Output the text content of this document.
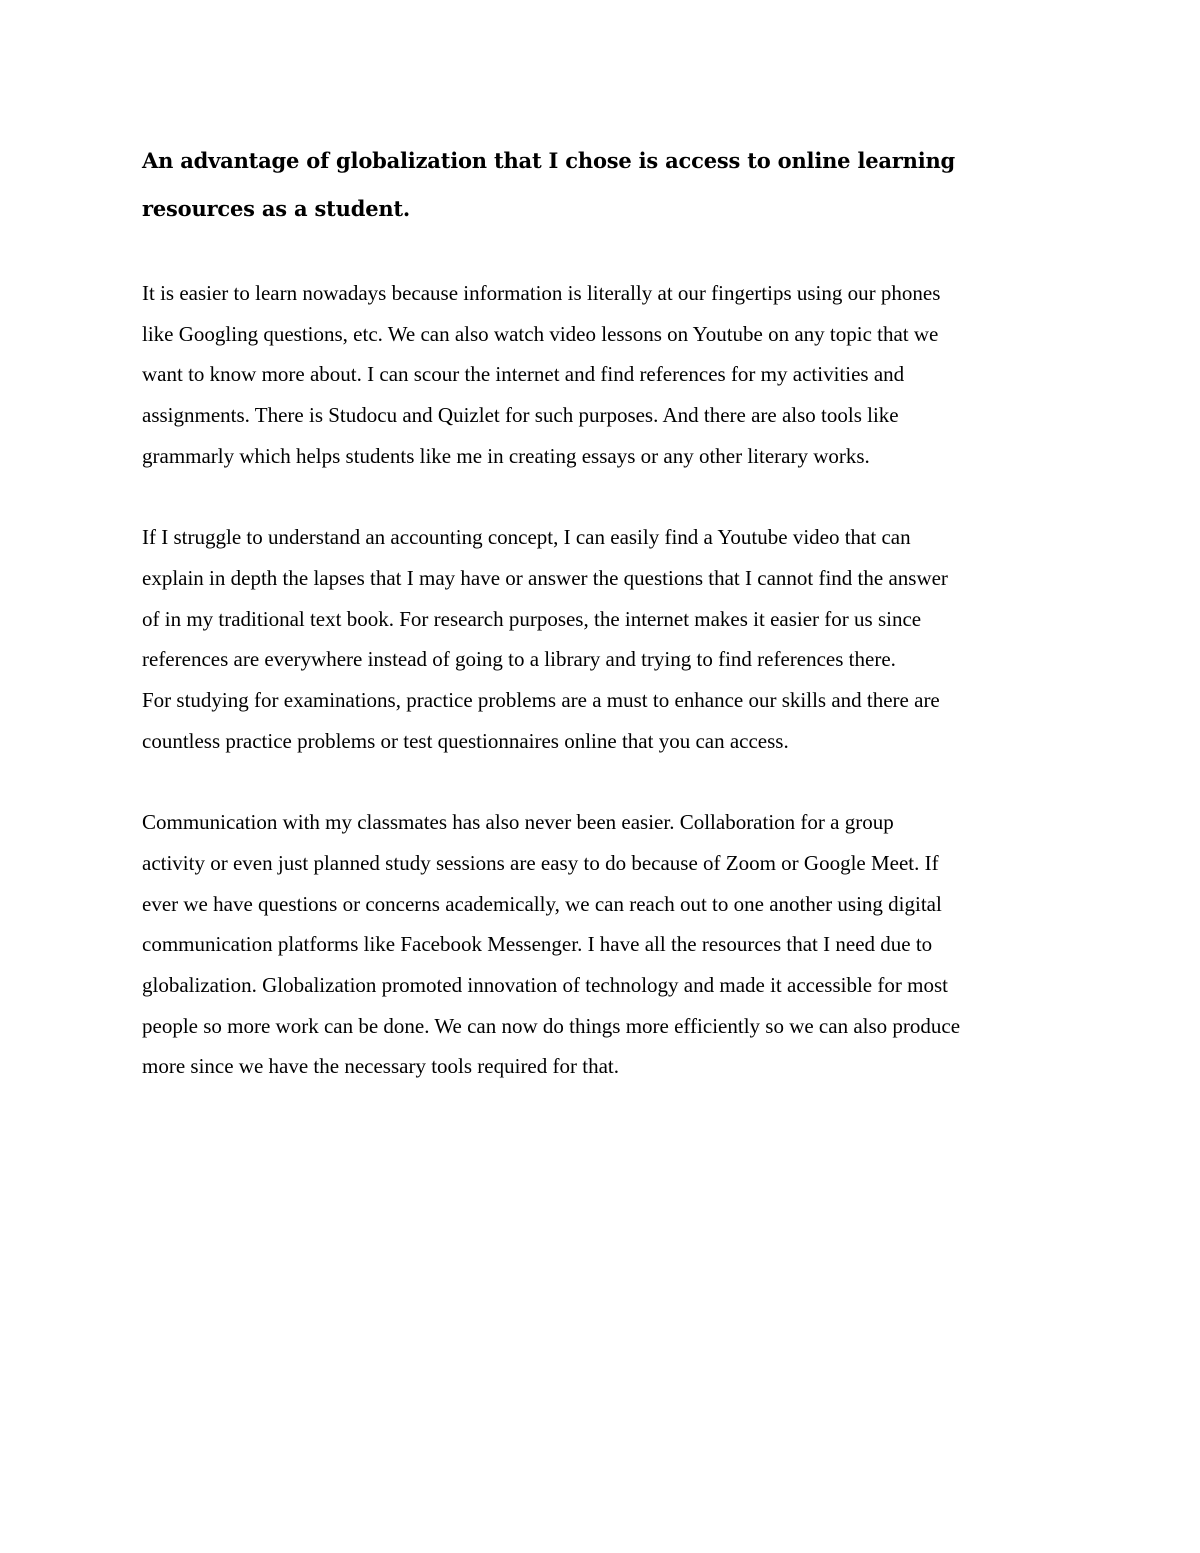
An advantage of globalization that I chose is access to online learning resources as a student.
It is easier to learn nowadays because information is literally at our fingertips using our phones
like Googling questions, etc. We can also watch video lessons on Youtube on any topic that we
want to know more about. I can scour the internet and find references for my activities and
assignments. There is Studocu and Quizlet for such purposes. And there are also tools like
grammarly which helps students like me in creating essays or any other literary works.
If I struggle to understand an accounting concept, I can easily find a Youtube video that can
explain in depth the lapses that I may have or answer the questions that I cannot find the answer
of in my traditional text book. For research purposes, the internet makes it easier for us since
references are everywhere instead of going to a library and trying to find references there.
For studying for examinations, practice problems are a must to enhance our skills and there are
countless practice problems or test questionnaires online that you can access.
Communication with my classmates has also never been easier. Collaboration for a group
activity or even just planned study sessions are easy to do because of Zoom or Google Meet. If
ever we have questions or concerns academically, we can reach out to one another using digital
communication platforms like Facebook Messenger. I have all the resources that I need due to
globalization. Globalization promoted innovation of technology and made it accessible for most
people so more work can be done. We can now do things more efficiently so we can also produce
more since we have the necessary tools required for that.
